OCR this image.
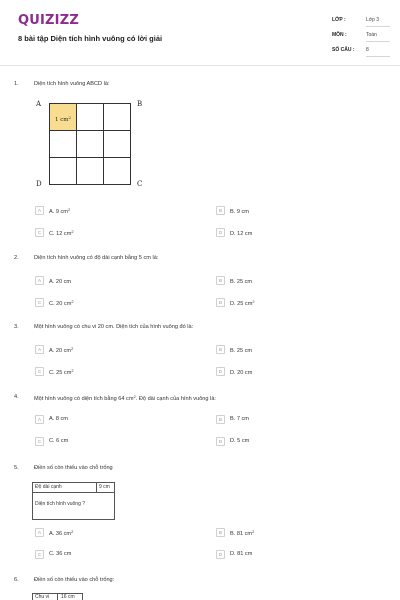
QUIZIZZ
8 bài tập Diện tích hình vuông có lời giải
LỚP :	Lớp 3
MÔN :	Toán
SỐ CÂU : 8
1.	Diện tích hình vuông ABCD là:
A	B
D	C
1 $cm^2$
A	A. 9 $cm^2$	B	B. 9 cm
C	C. 12 $cm^2$	D	D. 12 cm
2.	Diện tích hình vuông có độ dài cạnh bằng 5 cm là:
A	A. 20 cm	B	B. 25 cm
C	C. 20 $cm^2$	D	D. 25 $cm^2$
3.	Một hình vuông có chu vi 20 cm. Diện tích của hình vuông đó là:
A	A. 20 $cm^2$	B	B. 25 cm
C	C. 25 $cm^2$	D	D. 20 cm
4.	Một hình vuông có diện tích bằng 64 $cm^2$. Độ dài cạnh của hình vuông là:
A	A. 8 cm	B	B. 7 cm
C	C. 6 cm	D	D. 5 cm
5.	Điền số còn thiếu vào chỗ trống
Độ dài cạnh	9 cm
Diện tích hình vuông ?
A	A. 36 $cm^2$	B	B. 81 $cm^2$
C	C. 36 cm	D	D. 81 cm
6.	Điền số còn thiếu vào chỗ trống:
Chu vi 16 cm
